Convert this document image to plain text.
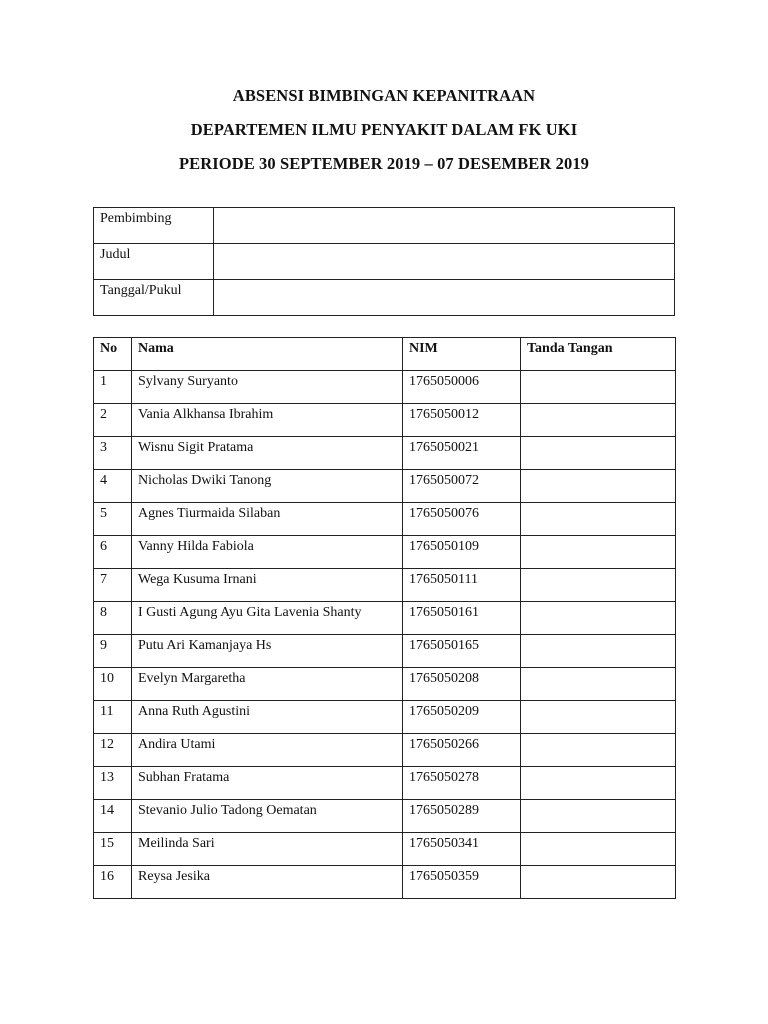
ABSENSI BIMBINGAN KEPANITRAAN
DEPARTEMEN ILMU PENYAKIT DALAM FK UKI
PERIODE 30 SEPTEMBER 2019 – 07 DESEMBER 2019
Pembimbing	
Judul	
Tanggal/Pukul	
No	Nama	NIM	Tanda Tangan
1	Sylvany Suryanto	1765050006	
2	Vania Alkhansa Ibrahim	1765050012	
3	Wisnu Sigit Pratama	1765050021	
4	Nicholas Dwiki Tanong	1765050072	
5	Agnes Tiurmaida Silaban	1765050076	
6	Vanny Hilda Fabiola	1765050109	
7	Wega Kusuma Irnani	1765050111	
8	I Gusti Agung Ayu Gita Lavenia Shanty	1765050161	
9	Putu Ari Kamanjaya Hs	1765050165	
10	Evelyn Margaretha	1765050208	
11	Anna Ruth Agustini	1765050209	
12	Andira Utami	1765050266	
13	Subhan Fratama	1765050278	
14	Stevanio Julio Tadong Oematan	1765050289	
15	Meilinda Sari	1765050341	
16	Reysa Jesika	1765050359	
